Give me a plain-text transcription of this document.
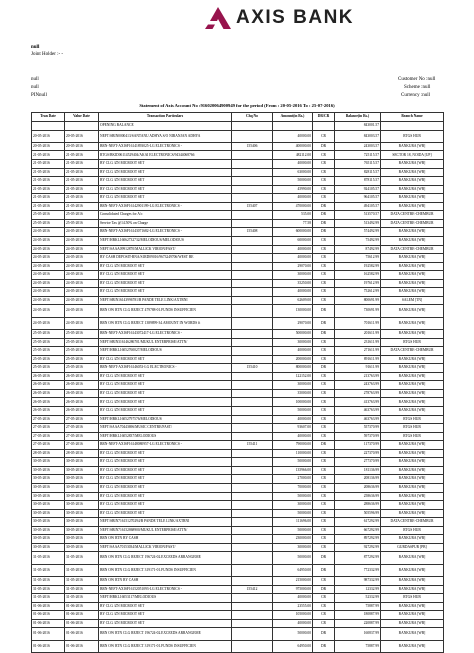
AXIS BANK
null
Joint Holder :- -
null
null
PINnull
Customer No :null
Scheme :null
Currency :null
Statement of Axis Account No :916020064900949 for the period (From : 20-05-2016 To : 25-07-2016)
Tran Date	Value Date	Transaction Particulars	Chq No	Amount(in Rs.)	DR/CR	Balance(in Rs.)	Branch Name
		OPENING BALANCE				843001.57	
20-05-2016	20-05-2016	NEFT/SBIN0000413/SANTANU ADHYA S/O NIRANJAN ADHYA		40000.00	CR	843003.57	RTGS HUB
20-05-2016	20-05-2016	BRN-NEFT-AXISF16141893025-LG ELECTRONICS -	155406	400000.00	DR	243003.57	BANKURA [WB]
21-05-2016	21-05-2016	RTGS/BKID06114529404/AKAI ELECTRONICS/94344068766		482112.00	CR	725115.57	SECTOR 18, NOIDA [UP]
21-05-2016	21-05-2016	BY CLG /ZN MICROOT SET		40000.00	CR	765115.57	BANKURA [WB]
21-05-2016	21-05-2016	BY CLG /ZN MICROOT SET		63000.00	CR	828115.57	BANKURA [WB]
21-05-2016	21-05-2016	BY CLG /ZN MICROOT SET		50000.00	CR	878115.57	BANKURA [WB]
21-05-2016	21-05-2016	BY CLG /ZN MICROOT SET		45990.00	CR	924105.57	BANKURA [WB]
21-05-2016	21-05-2016	BY CLG /ZN MICROOT SET		40000.00	CR	964105.57	BANKURA [WB]
21-05-2016	21-05-2016	BRN-NEFT-AXISF16142901199-LG ELECTRONICS -	155407	470000.00	DR	494105.57	BANKURA [WB]
25-05-2016	25-05-2016	Consolidated Charges for A/c		535.00	DR	513570.57	DATA CENTRE-CHEMBUR
25-05-2016	25-05-2016	Service Tax @14.50% on Charge		77.58	DR	513492.99	DATA CENTRE-CHEMBUR
24-05-2016	24-05-2016	BRN-NEFT-AXISF16143071682-LG ELECTRONICS -	155408	600000.00	DR	574492.99	BANKURA [WB]
24-05-2016	24-05-2016	NEFT/HBKL16062732732/MELODIOUS/MELODIOUS		60000.00	CR	75492.99	BANKURA [WB]
24-05-2016	24-05-2016	NEFT/SAAA09912870/MALLICK VIRION/FAST/		40000.00	CR	87492.99	DATA CENTRE-CHEMBUR
24-05-2016	24-05-2016	BY CASH DEPOSIT-BNA/S1RD09016/9673249706/WEST BE		40000.00	CR	75612.99	BANKURA [WB]
24-05-2016	24-05-2016	BY CLG /ZN MICROOT SET		29070.00	CR	192582.99	BANKURA [WB]
24-05-2016	24-05-2016	BY CLG /ZN MICROOT SET		30000.00	CR	162582.99	BANKURA [WB]
24-05-2016	24-05-2016	BY CLG /ZN MICROOT SET		35250.00	CR	197612.99	BANKURA [WB]
24-05-2016	24-05-2016	BY CLG /ZN MICROOT SET		40000.00	CR	752612.99	BANKURA [WB]
24-05-2016	24-05-2016	NEFT/SBIN16143996781/B PANDE TELE LINK/AXTRNI		62609.00	CR	800691.99	SALEM [TN]
24-05-2016	24-05-2016	BRN OW RTN CLG REJECT 479788-01.FUNDS INSUFFICIEN		130000.00	DR	730691.99	BANKURA [WB]
24-05-2016	24-05-2016	BRN OW RTN CLG REJECT 1389899-34.AMOUNT IN WORDS ft		29070.00	DR	701611.99	BANKURA [WB]
25-05-2016	25-05-2016	BRN-NEFT-AXISF16143072417-LG ELECTRONICS -		500000.00	DR	201611.99	BANKURA [WB]
25-05-2016	25-05-2016	NEFT/SBIN316146286701/MUKUL ENTERPRISE/ATTN/		30000.00	CR	231611.99	RTGS HUB
25-05-2016	25-05-2016	NEFT/HBKL16052760027/MELODIOUS		40000.00	CR	271611.99	DATA CENTRE-CHEMBUR
25-05-2016	25-05-2016	BY CLG /ZN MICROOT SET		200000.00	CR	891611.99	BANKURA [WB]
25-05-2016	25-05-2016	BRN-NEFT-AXISF16146053-LG ELECTRONICS -	155410	800000.00	DR	91611.99	BANKURA [WB]
26-05-2016	26-05-2016	BY CLG /ZN MICROOT SET		122152.00	CR	213763.99	BANKURA [WB]
26-05-2016	26-05-2016	BY CLG /ZN MICROOT SET		30000.00	CR	243763.99	BANKURA [WB]
26-05-2016	26-05-2016	BY CLG /ZN MICROOT SET		35000.00	CR	278763.99	BANKURA [WB]
26-05-2016	26-05-2016	BY CLG /ZN MICROOT SET		100000.00	CR	413763.99	BANKURA [WB]
26-05-2016	26-05-2016	BY CLG /ZN MICROOT SET		50000.00	CR	463763.99	BANKURA [WB]
27-05-2016	27-05-2016	NEFT/HBKL16052797576/MELODIOUS		40000.00	CR	463763.99	RTGS HUB
27-05-2016	27-05-2016	NEFT/SAAA70443696/MUSIC CENTRE/FAST/		93607.00	CR	557370.99	RTGS HUB
27-05-2016	27-05-2016	NEFT/HBKL16052837/MELODIOUS		40000.00	CR	597370.99	RTGS HUB
27-05-2016	27-05-2016	BRN-NEFT-AXISF16148080957-LG ELECTRONICS -	155411	790000.00	DR	117370.99	BANKURA [WB]
28-05-2016	28-05-2016	BY CLG /ZN MICROOT SET		110000.00	CR	227370.99	BANKURA [WB]
30-05-2016	30-05-2016	BY CLG /ZN MICROOT SET		50000.00	CR	277370.99	BANKURA [WB]
30-05-2016	30-05-2016	BY CLG /ZN MICROOT SET		135966.00	CR	181136.99	BANKURA [WB]
30-05-2016	30-05-2016	BY CLG /ZN MICROOT SET		27000.00	CR	208136.99	BANKURA [WB]
30-05-2016	30-05-2016	BY CLG /ZN MICROOT SET		70000.00	CR	208636.99	BANKURA [WB]
30-05-2016	30-05-2016	BY CLG /ZN MICROOT SET		50000.00	CR	258636.99	BANKURA [WB]
30-05-2016	30-05-2016	BY CLG /ZN MICROOT SET		30000.00	CR	288636.99	BANKURA [WB]
30-05-2016	30-05-2016	BY CLG /ZN MICROOT SET		50000.00	CR	505596.99	BANKURA [WB]
30-05-2016	30-05-2016	NEFT/SBIN716151270294/B PANDE TELE LINK/AXTRNI		111696.00	CR	617292.99	DATA CENTRE-CHEMBUR
30-05-2016	30-05-2016	NEFT/SBIN716152868900/MUKUL ENTERPRISE/ATTN/		50000.00	CR	667292.99	RTGS HUB
30-05-2016	30-05-2016	BRN OW RTN BY CASH		230000.00	CR	897292.99	BANKURA [WB]
30-05-2016	30-05-2016	NEFT/SAAA70153034/MALLICK VIRION/FAST/		30000.00	CR	927292.99	GURDASPUR [PB]
31-05-2016	31-05-2016	BRN OW RTN CLG REJECT 196724-02.EXCEEDS ARRANGEME		50000.00	DR	877292.99	BANKURA [WB]
31-05-2016	31-05-2016	BRN OW RTN CLG REJECT 319171-01.FUNDS INSUFFICIEN		64950.00	DR	772332.99	BANKURA [WB]
31-05-2016	31-05-2016	BRN OW RTN BY CASH		215000.00	CR	987332.99	BANKURA [WB]
31-05-2016	31-05-2016	BRN-NEFT-AXISF16152051093-LG ELECTRONICS -	155412	975000.00	DR	12332.99	BANKURA [WB]
31-05-2016	31-05-2016	NEFT/HBKL16053117/MELODIOUS		40000.00	CR	52332.99	RTGS HUB
01-06-2016	01-06-2016	BY CLG /ZN MICROOT SET		23555.00	CR	75887.99	BANKURA [WB]
01-06-2016	01-06-2016	BY CLG /ZN MICROOT SET		105000.00	CR	180887.99	BANKURA [WB]
01-06-2016	01-06-2016	BY CLG /ZN MICROOT SET		40000.00	CR	220887.99	BANKURA [WB]
01-06-2016	01-06-2016	BRN OW RTN CLG REJECT 196724-02.EXCEEDS ARRANGEME		50000.00	DR	160837.99	BANKURA [WB]
01-06-2016	01-06-2016	BRN OW RTN CLG REJECT 319171-01.FUNDS INSUFFICIEN		64950.00	DR	75887.99	BANKURA [WB]
